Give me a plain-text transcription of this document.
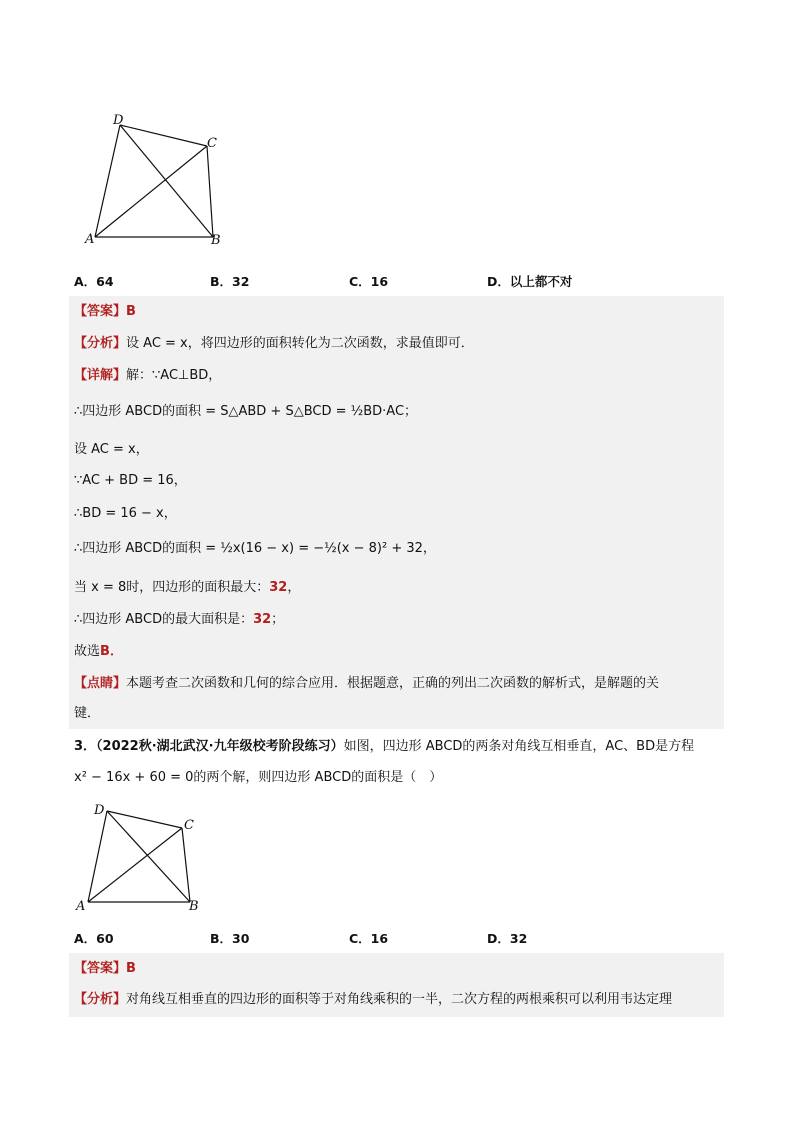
D
C
A	B
A．64	B．32	C．16	D．以上都不对
【答案】B
【分析】设 AC = x，将四边形的面积转化为二次函数，求最值即可．
【详解】解：∵AC⊥BD，
∴四边形 ABCD的面积 = S△ABD + S△BCD = ½BD·AC；
设 AC = x，
∵AC + BD = 16，
∴BD = 16 − x，
∴四边形 ABCD的面积 = ½x(16 − x) = −½(x − 8)² + 32，
当 x = 8时，四边形的面积最大：32，
∴四边形 ABCD的最大面积是：32；
故选B．
【点睛】本题考查二次函数和几何的综合应用．根据题意，正确的列出二次函数的解析式，是解题的关
键．
3．（2022秋·湖北武汉·九年级校考阶段练习）如图，四边形 ABCD的两条对角线互相垂直，AC、BD是方程
x² − 16x + 60 = 0的两个解，则四边形 ABCD的面积是（　）
D
C
A	B
A．60	B．30	C．16	D．32
【答案】B
【分析】对角线互相垂直的四边形的面积等于对角线乘积的一半，二次方程的两根乘积可以利用韦达定理
